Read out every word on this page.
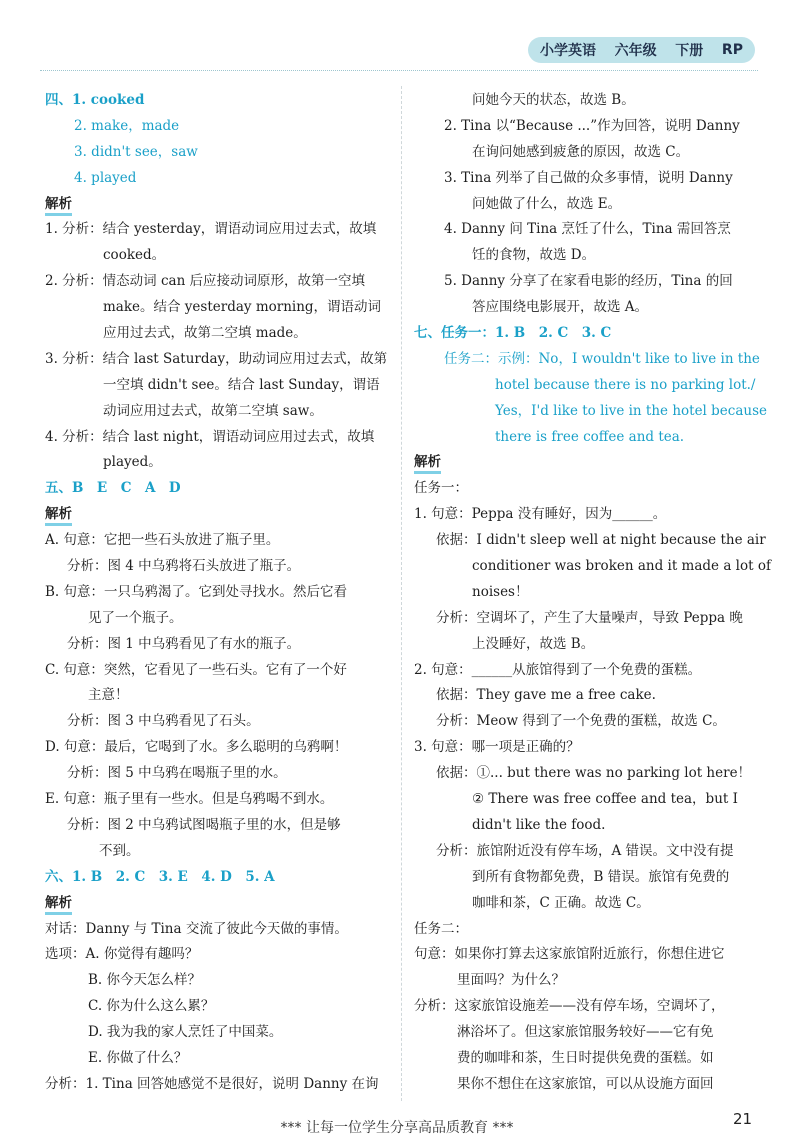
小学英语 六年级 下册 RP
四、1. cooked
2. make，made
3. didn't see，saw
4. played
解析
1. 分析：结合 yesterday，谓语动词应用过去式，故填
cooked。
2. 分析：情态动词 can 后应接动词原形，故第一空填
make。结合 yesterday morning，谓语动词
应用过去式，故第二空填 made。
3. 分析：结合 last Saturday，助动词应用过去式，故第
一空填 didn't see。结合 last Sunday，谓语
动词应用过去式，故第二空填 saw。
4. 分析：结合 last night，谓语动词应用过去式，故填
played。
五、B　E　C　A　D
解析
A. 句意：它把一些石头放进了瓶子里。
分析：图 4 中乌鸦将石头放进了瓶子。
B. 句意：一只乌鸦渴了。它到处寻找水。然后它看
见了一个瓶子。
分析：图 1 中乌鸦看见了有水的瓶子。
C. 句意：突然，它看见了一些石头。它有了一个好
主意！
分析：图 3 中乌鸦看见了石头。
D. 句意：最后，它喝到了水。多么聪明的乌鸦啊！
分析：图 5 中乌鸦在喝瓶子里的水。
E. 句意：瓶子里有一些水。但是乌鸦喝不到水。
分析：图 2 中乌鸦试图喝瓶子里的水，但是够
不到。
六、1. B　2. C　3. E　4. D　5. A
解析
对话：Danny 与 Tina 交流了彼此今天做的事情。
选项：A. 你觉得有趣吗？
B. 你今天怎么样？
C. 你为什么这么累？
D. 我为我的家人烹饪了中国菜。
E. 你做了什么？
分析：1. Tina 回答她感觉不是很好，说明 Danny 在询
问她今天的状态，故选 B。
2. Tina 以“Because ...”作为回答，说明 Danny
在询问她感到疲惫的原因，故选 C。
3. Tina 列举了自己做的众多事情，说明 Danny
问她做了什么，故选 E。
4. Danny 问 Tina 烹饪了什么，Tina 需回答烹
饪的食物，故选 D。
5. Danny 分享了在家看电影的经历，Tina 的回
答应围绕电影展开，故选 A。
七、任务一：1. B　2. C　3. C
任务二：示例：No，I wouldn't like to live in the
　　hotel because there is no parking lot./
　　Yes，I'd like to live in the hotel because
　　there is free coffee and tea.
解析
任务一：
1. 句意：Peppa 没有睡好，因为______。
依据：I didn't sleep well at night because the air
conditioner was broken and it made a lot of
noises！
分析：空调坏了，产生了大量噪声，导致 Peppa 晚
上没睡好，故选 B。
2. 句意：______从旅馆得到了一个免费的蛋糕。
依据：They gave me a free cake.
分析：Meow 得到了一个免费的蛋糕，故选 C。
3. 句意：哪一项是正确的？
依据：①... but there was no parking lot here！
② There was free coffee and tea，but I
didn't like the food.
分析：旅馆附近没有停车场，A 错误。文中没有提
到所有食物都免费，B 错误。旅馆有免费的
咖啡和茶，C 正确。故选 C。
任务二：
句意：如果你打算去这家旅馆附近旅行，你想住进它
里面吗？为什么？
分析：这家旅馆设施差——没有停车场，空调坏了，
淋浴坏了。但这家旅馆服务较好——它有免
费的咖啡和茶，生日时提供免费的蛋糕。如
果你不想住在这家旅馆，可以从设施方面回
*** 让每一位学生分享高品质教育 ***	21
